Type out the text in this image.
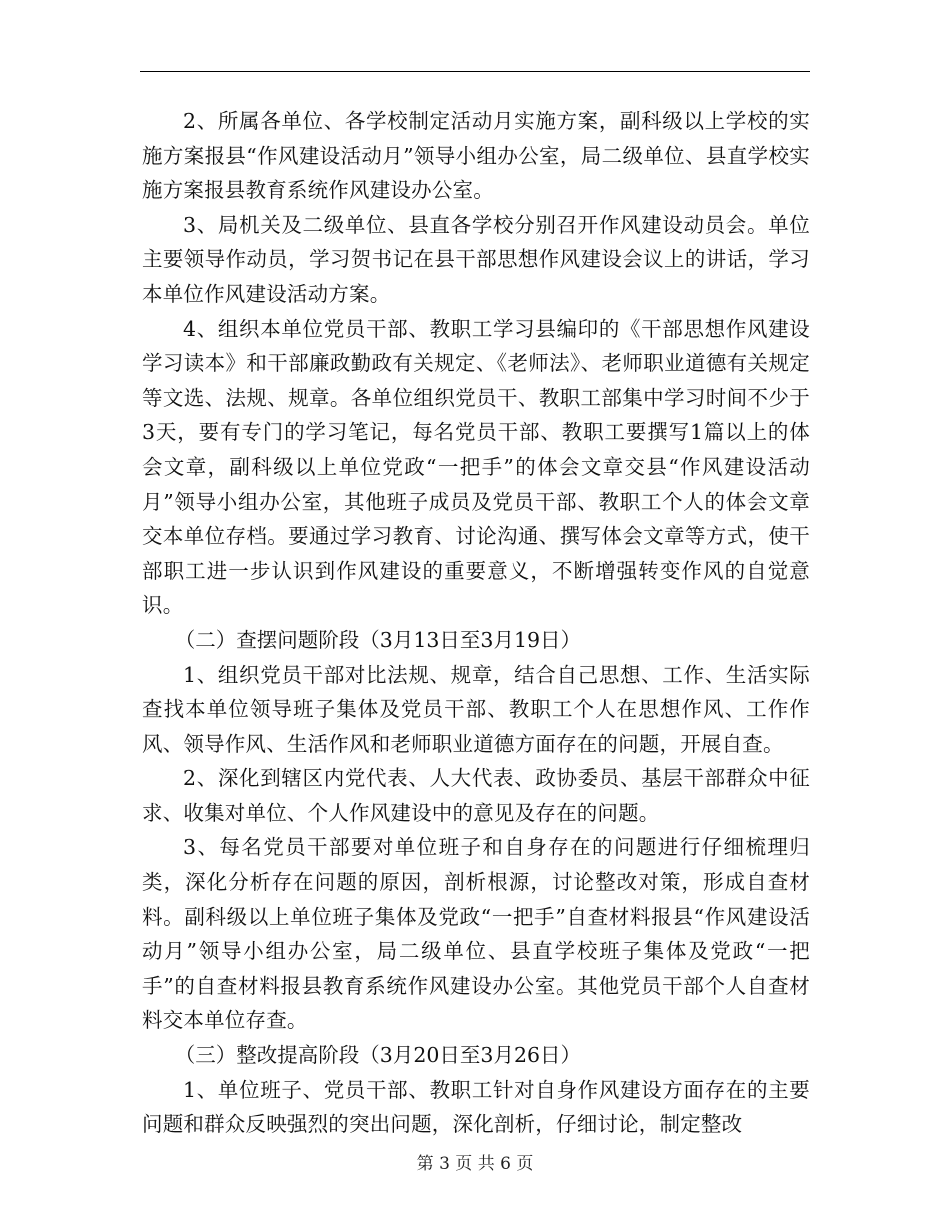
2、所属各单位、各学校制定活动月实施方案，副科级以上学校的实施方案报县“作风建设活动月”领导小组办公室，局二级单位、县直学校实施方案报县教育系统作风建设办公室。

3、局机关及二级单位、县直各学校分别召开作风建设动员会。单位主要领导作动员，学习贺书记在县干部思想作风建设会议上的讲话，学习本单位作风建设活动方案。

4、组织本单位党员干部、教职工学习县编印的《干部思想作风建设学习读本》和干部廉政勤政有关规定、《老师法》、老师职业道德有关规定等文选、法规、规章。各单位组织党员干、教职工部集中学习时间不少于3天，要有专门的学习笔记，每名党员干部、教职工要撰写1篇以上的体会文章，副科级以上单位党政“一把手”的体会文章交县“作风建设活动月”领导小组办公室，其他班子成员及党员干部、教职工个人的体会文章交本单位存档。要通过学习教育、讨论沟通、撰写体会文章等方式，使干部职工进一步认识到作风建设的重要意义，不断增强转变作风的自觉意识。

（二）查摆问题阶段（3月13日至3月19日）

1、组织党员干部对比法规、规章，结合自己思想、工作、生活实际查找本单位领导班子集体及党员干部、教职工个人在思想作风、工作作风、领导作风、生活作风和老师职业道德方面存在的问题，开展自查。

2、深化到辖区内党代表、人大代表、政协委员、基层干部群众中征求、收集对单位、个人作风建设中的意见及存在的问题。

3、每名党员干部要对单位班子和自身存在的问题进行仔细梳理归类，深化分析存在问题的原因，剖析根源，讨论整改对策，形成自查材料。副科级以上单位班子集体及党政“一把手”自查材料报县“作风建设活动月”领导小组办公室，局二级单位、县直学校班子集体及党政“一把手”的自查材料报县教育系统作风建设办公室。其他党员干部个人自查材料交本单位存查。

（三）整改提高阶段（3月20日至3月26日）

1、单位班子、党员干部、教职工针对自身作风建设方面存在的主要问题和群众反映强烈的突出问题，深化剖析，仔细讨论，制定整改

第 3 页 共 6 页
